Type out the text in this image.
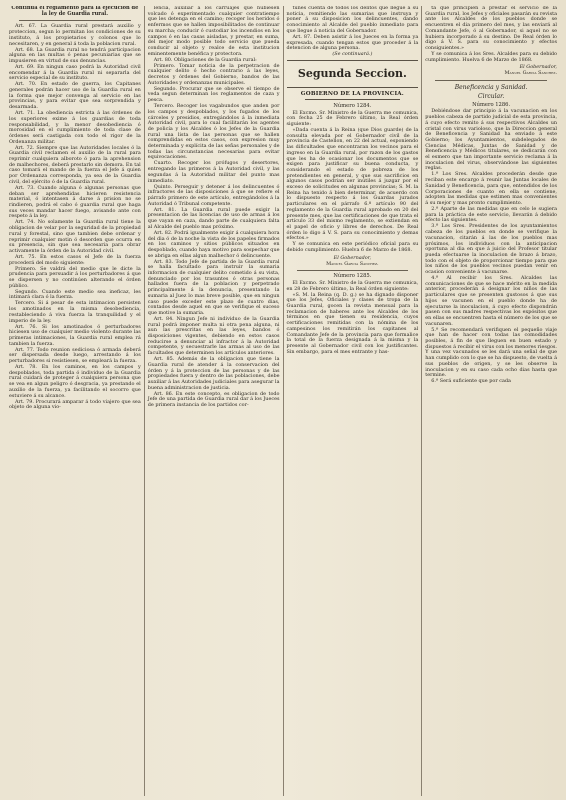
Continúa el reglamento para la ejecucion de la ley de Guardia rural.

Art. 67. La Guardia rural prestará auxilio y proteccion, segun lo permitan los condiciones de su instituto, á los propietarios y colonos que lo necesitaren, y en general á toda la poblacion rural.

Art. 68. La Guardia rural no tendrá participacion alguna en las multas ó penas pecuniarias que se impusieren en virtud de sus denuncias.

Art. 69. En ningun caso podrá la Autoridad civil encomendar á la Guardia rural ni separarla del servicio especial de su instituto.

Art. 70. En estado de guerra, los Capitanes generales podrán hacer uso de la Guardia rural en la forma que mejor convenga al servicio en las provincias, y para evitar que sea sorprendida y desarmada.

Art. 71. La obediencia estricta á las órdenes de los superiores exime á los guardias de toda responsabilidad, y la menor desobediencia ó morosidad en el cumplimiento de toda clase de órdenes será castigada con todo el rigor de la Ordenanza militar.

Art. 72. Siempre que las Autoridades locales ó la Guardia civil reclamen el auxilio de la rural para reprimir cualquiera alboroto ó para la aprehension de malhechores, deberá prestarlo sin demora. En tal caso tomará el mando de la fuerza el Jefe á quien por Ordenanza corresponda, ya sea de la Guardia civil, del ejército ó de la Guardia rural.

Art. 73. Cuando alguna ó algunas personas que deban ser aprehendidas hicieren resistencia material, ó intentasen á darse á prision no se rindieren, podrá el cabo ó guardia rural que haga sus veces mandar hacer fuego, avisando ante con respeto á la ley.

Art. 74. No solamente la Guardia rural tiene la obligacion de velar por la seguridad de la propiedad rural y forestal, sino que tambien debe ordenar y reprimir cualquier motin ó desorden que ocurra en su presencia, sin que sea necesaria para obrar activamente la órden de la Autoridad civil.

Art. 75. En estos casos el Jefe de la fuerza procederá del modo siguiente:

Primero. Se valdrá del medio que le dicte la prudencia para persuadir á los perturbadores á que se dispersen y no continúen alterando el órden público.

Segundo. Cuando este medio sea ineficaz, les intimará clara ó la fuerza.

Tercero. Si á pesar de esta intimacion persisten los amotinados en la misma desobediencia, restableciendo á viva fuerza la tranquilidad y el imperio de la ley.

Art. 76. Si los amotinados ó perturbadores hiciesen uso de cualquier medio violento durante las primeras intimaciones, la Guardia rural emplea rá tambien la fuerza.

Art. 77. Todo reunion sediciosa ó armada deberá ser dispersada desde luego, arrestando á los perturbadores si resistiesen, se empleará la fuerza.

Art. 78. En los caminos, en los campos y despoblados, toda partida ó individuo de la Guardia rural cuidará de proteger á cualquiera persona que se vea en algun peligro ó desgracia, ya prestando el auxilio de la fuerza, ya facilitando el socorro que estuviere á su alcance.

Art. 79. Procurará amparar á todo viajero que sea objeto de alguna vio-

lencia, auxiliar á los carruajes que hubiesen volcado ó experimentado cualquier contratiempo que les detenga en el camino; recoger los heridos ó enfermos que se hallen imposibilitados de continuar su marcha; conducir ó custodiar los incendios en los campos ó en las casas aisladas, y prestar, en suma, del mejor modo posible todo servicio que pueda conducir al objeto y realce de esta institucion eminentemente benéfica y protectora.

Art. 80. Obligaciones de la Guardia rural:

Primero. Tomar noticia de la perpetracion de cualquier delito ó hecho contrario á las leyes, decretos y órdenes del Gobierno, bandos de las Autoridades y ordenanzas municipales.

Segundo. Procurar que se observe el tiempo de veda segun determinan los reglamentos de caza y pesca.

Tercero. Recoger los vagabundos que anden por los campos y despoblados, y los fugados de los cárceles y presidios, entregándolos á la inmediata Autoridad civil, para lo cual facilitarán los agentes de policía y los Alcaldes ó los Jefes de la Guardia rural una lista de las personas que se hallen comprendidas en estos casos, con expresion muy determinada y explícita de las señas personales y de todas las circunstancias necesarias para evitar equivocaciones.

Cuarto. Recoger los prófugos y desertores, entregando las primeros á la Autoridad civil, y las segundas á la Autoridad militar del punto mas inmediato.

Quinto. Perseguir y detener á los delincuentes ó infractores de las disposiciones á que se refiere el párrafo primero de este artículo, entregándolos á la Autoridad ó Tribunal competente.

Art. 81. La Guardia rural puede exigir la presentacion de las licencias de uso de armas á los que vayan en caza, dando parte de cualquiera falta al Alcalde del pueblo mas próximo.

Art. 82. Podrá igualmente exigir á cualquiera hora del dia ó de la noche la vista de los papeles firmados en los caminos y sitios públicos situados en despoblado, cuando haya motivo para sospechar que se abriga en ellas algun malhechor ó delincuente.

Art. 83. Todo Jefe de partida de la Guardia rural se halla facultado para instruir la sumaria informacion de cualquier delito cometido á su vista, denunciado por los trasuntes ó otras personas hallados fuera de la poblacion y perpetrado principalmente á la denuncia, presentando la sumaria al Juez lo mas breve posible, que en ningun caso puede exceder este plazo de cuatro dias, contados desde aquel en que se verifique el suceso que motive la sumaria.

Art. 84. Ningun Jefe ni individuo de la Guardia rural podrá imponer multa ni otra pena alguna, ni aun las prescritas en las leyes, bandos ó disposiciones vigentes, debiendo en estos casos reducirse a denunciar al infractor á la Autoridad competente, y secuestrarle las armas al uso de las facultades que determinen los artículos anteriores.

Art. 85. Además de la obligacion que tiene la Guardia rural de atender á la conservacion del órden y á la proteccion de las personas y de las propiedades fuera y dentro de las poblaciones, debe auxiliar á las Autoridades judiciales para asegurar la buena administracion de justicia.

Art. 86. En este concepto, es obligacion de todo Jefe de una partida de Guardia rural dar á los Jueces de primera instancia de los partidos cor-

tunes cuenta de todos los delitos que llegue á su noticia, remitiendo las sumarias que instruya y poner á su disposicion los delincuentes, dando conocimiento al Alcalde del pueblo inmediato para que llegue á noticia del Gobernador.

Art. 87. Deben asistir á los Jueces en la forma ya expresada, cuando tengan estos que proceder á la detencion de alguna persona.

(Se continuará.)

Segunda Seccion.
GOBIERNO DE LA PROVINCIA.
Número 1284.

El Excmo. Sr. Ministro de la Guerra me comunica, con fecha 25 de Febrero último, la Real órden siguiente:

«Dada cuenta á la Reina (que Dios guarde) de la consulta elevada por el Gobernador civil de la provincia de Castellon, en 22 del actual, esponiendo las dificultades que encontraran los vecinos para el ingreso en la Guardia rural, por razon de los gastos que les ha de ocasionar los documentos que se exigen para justificar su buena conducta, y considerando el estado de pobreza de los pretendientes en general, y que sus sacrificios en algunos casos podrian ser inútiles á juzgar por el exceso de solicitudes en algunas provincias; S. M. la Reina ha tenido á bien determinar, de acuerdo con lo dispuesto respecto á los Guardas jurados particulares en el párrafo 6.º artículo 90 del reglamento de la Guardia rural aprobado en 20 del presente mes, que las certificaciones de que trata el artículo 33 del mismo reglamento, se extiendan en el papel de oficio y libres de derechos. De Real órden lo digo á V. S. para su conocimiento y demas efectos.»

Y se comunica en este periódico oficial para su debido cumplimiento. Huelva 6 de Marzo de 1868.

El Gobernador,
Manuel Garcia Sanchez.
Número 1285.

El Excmo. Sr. Ministro de la Guerra me comunica, en 28 de Febrero último, la Real órden siguiente:

«S. M. la Reina (q. D. g.) se ha dignado disponer que los Jefes, Oficiales y clases de tropa de la Guardia rural, gocen la revista mensual para la reclamacion de haberes ante los Alcaldes de los términos en que tienen su residencia, cuyos certificaciones remitidas con la nómina de los campesinos los remitirán los capitanes al Comandante Jefe de la provincia para que formalice la total de la fuerza designada á la misma y la presente al Gobernador civil con los justificantes. Sin embargo, para el mes entrante y has-

ta que principien á prestar el servicio de la Guardia rural, los Jefes y oficiales pasarán su revista ante los Alcaldes de los pueblos donde se encuentren el dia primero del mes, y las enviará al Comandante Jefe, ó al Gobernador, si aquel no se hubiera incorporado á su destino. De Real órden lo digo á V. S. para su conocimiento y efectos consiguientes.»

Y se comunica á los Sres. Alcaldes para su debido cumplimiento. Huelva 6 de Marzo de 1868.

El Gobernador,
Manuel Garcia Sanchez.
Beneficencia y Sanidad.
Circular.
Número 1286.

Debiéndose dar principio á la vacunacion en los pueblos cabeza de partido judicial de esta provincia, á cuyo efecto remito á sus respectivos Alcaldes un cristal con virus varioloso, que la Direccion general de Beneficencia y Sanidad ha enviado á este Gobierno; los Ayuntamientos, subdelegados de Ciencias Médicas, Juntas de Sanidad y de Beneficencia y Médicos titulares, se dedicarán con el esmero que tan importante servicio reclama á la inoculacion del virus, observándose las siguientes reglas.

1.ª Los Sres. Alcaldes procederán desde que reciban este encargo á reunir las Juntas locales de Sanidad y Beneficencia, para que, entendidos de los Corporaciones de cuanto en ella se contiene, adopten las medidas que estimen mas convenientes á su mejor y mas pronto cumplimiento.

2.ª Aparte de las medidas que en celo le sugiera para la práctica de este servicio, llevarán á debido efecto las siguientes.

3.ª Los Sres. Presidentes de los ayuntamientos cabeza de los pueblos en donde se verifique la vacunacion, citarán á las de los pueblos mas próximos, los individuos con la anticipacion oportuna al dia en que á juicio del Profesor titular pueda efectuarse la inoculacion de brazo á brazo, todo con el objeto de proporcionar tiempo para que los niños de los pueblos vecinos puedan venir en ocasion conveniente á vacunarse.

4.ª Al recibir los Sres. Alcaldes las comunicaciones de que se hace mérito en la medida anterior, procederán á designar los niños de las particulares que se presenten gustosos á que sus hijos se vacunen en el pueblo donde ha de ejecutarse la inoculacion, á cuyo efecto dispondrán pasen con sus madres respectivas los expósitos que en ellas se encuentren hasta el número de los que se vacunaren.

5.ª Se recomendará verifiquen el pequeño viaje que han de hacer con todas las comodidades posibles, á fin de que lleguen en buen estado y dispuestos á recibir el virus con los menores riesgos. Y una vez vacunados se les dará una señal de que han cumplido con lo que se ha dispuesto, de vuelta á sus pueblos de origen, y se les observe la inoculacion y en su caso cada ocho dias hasta que termine.

6.ª Será suficiente que por cada
